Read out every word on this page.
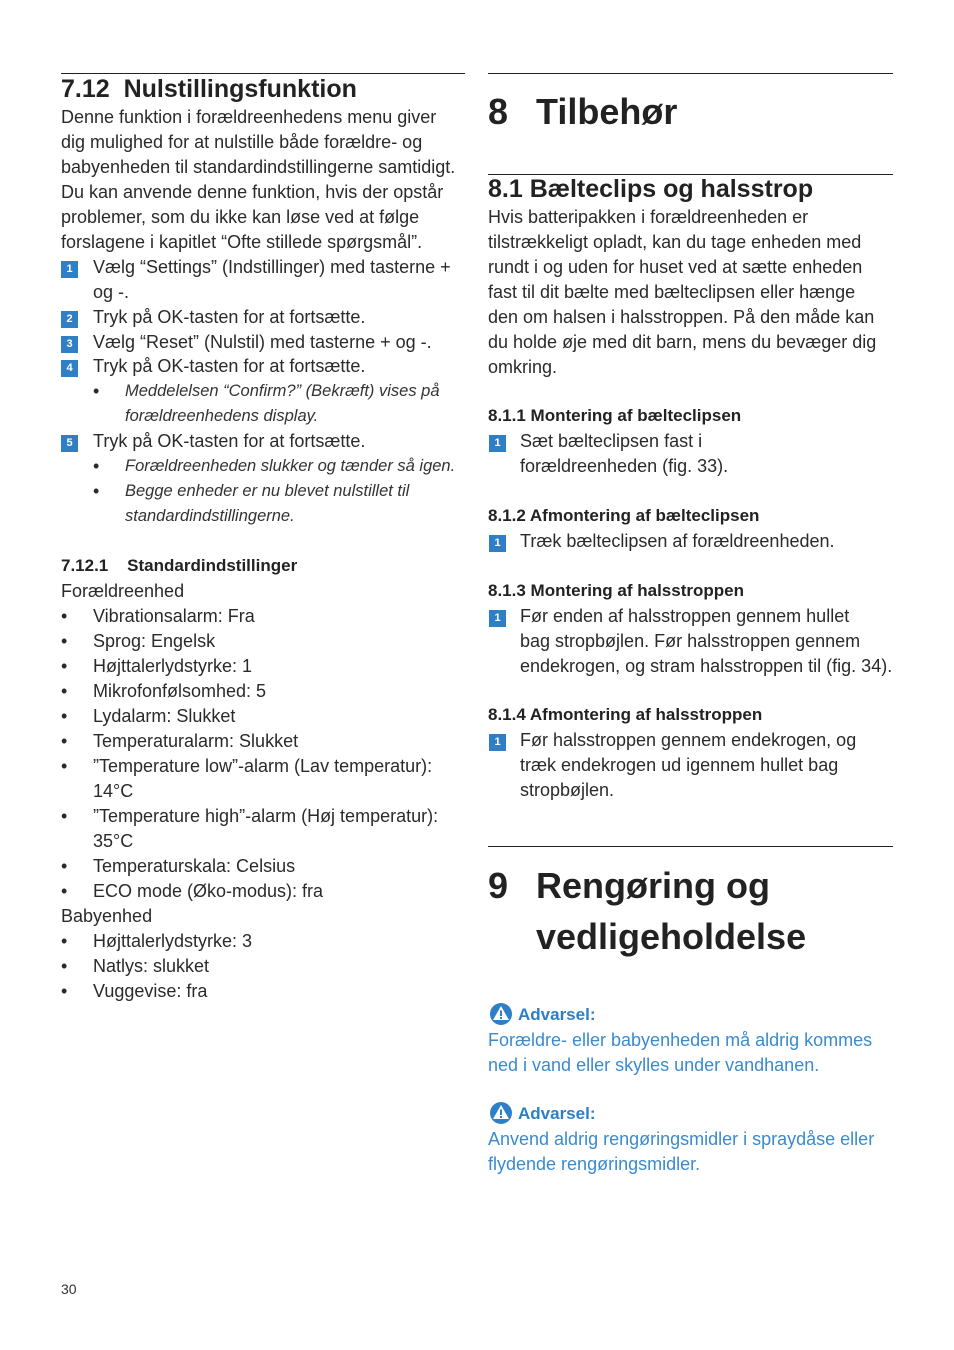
7.12 Nulstillingsfunktion
Denne funktion i forældreenhedens menu giver dig mulighed for at nulstille både forældre- og babyenheden til standardindstillingerne samtidigt. Du kan anvende denne funktion, hvis der opstår problemer, som du ikke kan løse ved at følge forslagene i kapitlet “Ofte stillede spørgsmål”.
1	Vælg “Settings” (Indstillinger) med tasterne +
og -.
2	Tryk på OK-tasten for at fortsætte.
3	Vælg “Reset” (Nulstil) med tasterne + og -.
4	Tryk på OK-tasten for at fortsætte.
• Meddelelsen “Confirm?” (Bekræft) vises på
forældreenhedens display.
5	Tryk på OK-tasten for at fortsætte.
• Forældreenheden slukker og tænder så igen.
• Begge enheder er nu blevet nulstillet til
standardindstillingerne.
7.12.1 Standardindstillinger
Forældreenhed
• Vibrationsalarm: Fra
• Sprog: Engelsk
• Højttalerlydstyrke: 1
• Mikrofonfølsomhed: 5
• Lydalarm: Slukket
• Temperaturalarm: Slukket
• ”Temperature low”-alarm (Lav temperatur):
14°C
• ”Temperature high”-alarm (Høj temperatur):
35°C
• Temperaturskala: Celsius
• ECO mode (Øko-modus): fra
Babyenhed
• Højttalerlydstyrke: 3
• Natlys: slukket
• Vuggevise: fra
8 Tilbehør
8.1 Bælteclips og halsstrop
Hvis batteripakken i forældreenheden er tilstrækkeligt opladt, kan du tage enheden med rundt i og uden for huset ved at sætte enheden fast til dit bælte med bælteclipsen eller hænge den om halsen i halsstroppen. På den måde kan du holde øje med dit barn, mens du bevæger dig omkring.
8.1.1 Montering af bælteclipsen
1	Sæt bælteclipsen fast i
forældreenheden (fig. 33).
8.1.2 Afmontering af bælteclipsen
1	Træk bælteclipsen af forældreenheden.
8.1.3 Montering af halsstroppen
1	Før enden af halsstroppen gennem hullet
bag stropbøjlen. Før halsstroppen gennem
endekrogen, og stram halsstroppen til (fig. 34).
8.1.4 Afmontering af halsstroppen
1	Før halsstroppen gennem endekrogen, og
træk endekrogen ud igennem hullet bag
stropbøjlen.
9 Rengøring og
vedligeholdelse
Advarsel:
Forældre- eller babyenheden må aldrig kommes ned i vand eller skylles under vandhanen.
Advarsel:
Anvend aldrig rengøringsmidler i spraydåse eller flydende rengøringsmidler.
30
